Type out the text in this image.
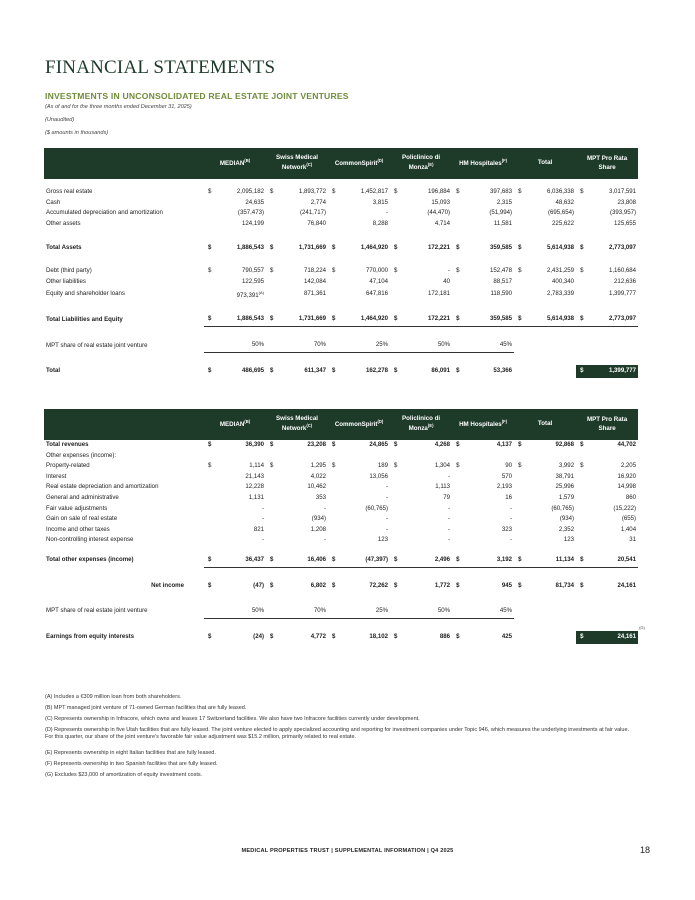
FINANCIAL STATEMENTS
INVESTMENTS IN UNCONSOLIDATED REAL ESTATE JOINT VENTURES
(As of and for the three months ended December 31, 2025)
(Unaudited)
($ amounts in thousands)
	$MEDIAN^{(B)}$		Swiss Medical Network$^{(C)}$		CommonSpirit$^{(D)}$		Policlinico di Monza$^{(E)}$		HM Hospitales$^{(F)}$		Total		MPT Pro Rata Share	

Gross real estate	$	2,095,182	$	1,893,772	$	1,452,817	$	196,884	$	397,683	$	6,036,338	$	3,017,591
Cash		24,635		2,774		3,815		15,093		2,315		48,632		23,808
Accumulated depreciation and amortization		(357,473)		(241,717)		-		(44,470)		(51,994)		(695,654)		(393,957)
Other assets		124,199		76,840		8,288		4,714		11,581		225,622		125,655

Total Assets	$	1,886,543	$	1,731,669	$	1,464,920	$	172,221	$	359,585	$	5,614,938	$	2,773,097

Debt (third party)	$	790,557	$	718,224	$	770,000	$	-	$	152,478	$	2,431,259	$	1,160,684
Other liabilities		122,595		142,084		47,104		40		88,517		400,340		212,636
Equity and shareholder loans		$973,391^{(A)}$		871,361		647,816		172,181		118,590		2,783,339		1,399,777

Total Liabilities and Equity	$	1,886,543	$	1,731,669	$	1,464,920	$	172,221	$	359,585	$	5,614,938	$	2,773,097

MPT share of real estate joint venture		50%		70%		25%		50%		45%				

Total	$	486,695	$	611,347	$	162,278	$	86,091	$	53,366			$	1,399,777
	$MEDIAN^{(B)}$		Swiss Medical Network$^{(C)}$		CommonSpirit$^{(D)}$		Policlinico di Monza$^{(E)}$		HM Hospitales$^{(F)}$		Total		MPT Pro Rata Share	
Total revenues	$	36,390	$	23,208	$	24,865	$	4,268	$	4,137	$	92,868	$	44,702
Other expenses (income):														
Property-related	$	1,114	$	1,295	$	189	$	1,304	$	90	$	3,992	$	2,205
Interest		21,143		4,022		13,056		-		570		38,791		16,920
Real estate depreciation and amortization		12,228		10,462		-		1,113		2,193		25,996		14,998
General and administrative		1,131		353		-		79		16		1,579		860
Fair value adjustments		-		-		(60,765)		-		-		(60,765)		(15,222)
Gain on sale of real estate		-		(934)		-		-		-		(934)		(655)
Income and other taxes		821		1,208		-		-		323		2,352		1,404
Non-controlling interest expense		-		-		123		-		-		123		31

Total other expenses (income)	$	36,437	$	16,406	$	(47,397)	$	2,496	$	3,192	$	11,134	$	20,541

Net income	$	(47)	$	6,802	$	72,262	$	1,772	$	945	$	81,734	$	24,161

MPT share of real estate joint venture		50%		70%		25%		50%		45%				

Earnings from equity interests	$	(24)	$	4,772	$	18,102	$	886	$	425			$	24,161
(A) Includes a €309 million loan from both shareholders.
(B) MPT managed joint venture of 71-owned German facilities that are fully leased.
(C) Represents ownership in Infracore, which owns and leases 17 Switzerland facilities. We also have two Infracore facilities currently under development.
(D) Represents ownership in five Utah facilities that are fully leased. The joint venture elected to apply specialized accounting and reporting for investment companies under Topic 946, which measures the underlying investments at fair value. For this quarter, our share of the joint venture's favorable fair value adjustment was $15.2 million, primarily related to real estate.
(E) Represents ownership in eight Italian facilities that are fully leased.
(F) Represents ownership in two Spanish facilities that are fully leased.
(G) Excludes $23,000 of amortization of equity investment costs.
MEDICAL PROPERTIES TRUST | SUPPLEMENTAL INFORMATION | Q4 2025	18
(G)
